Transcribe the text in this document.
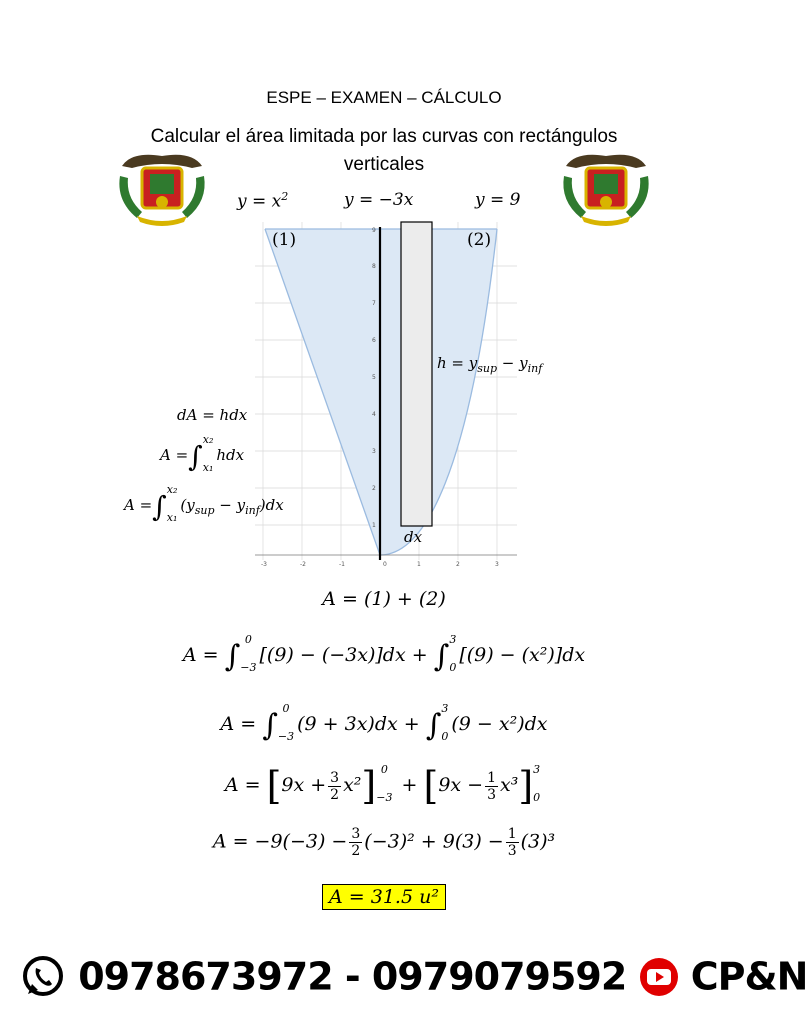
ESPE – EXAMEN – CÁLCULO
Calcular el área limitada por las curvas con rectángulos verticales
$y = x^2$	y = −3x	y = 9
-3	-2	-1	0	1	2	3
1
2
3
4
5
6
7
8
9
(1)	(2)
$h = y_{sup} - y_{inf}$
dx
dA = hdx
A =∫ x₂
x₁
hdx
A =∫ x₂
x₁
$(y_{sup} - y_{inf})dx$
A = (1) + (2)
A = ∫ 0
−3
[(9) − (−3x)]dx + ∫ 3
0
[(9) − (x²)]dx
A = ∫ 0
−3
(9 + 3x)dx + ∫ 3
0
(9 − x²)dx
$A = [9x + \frac{3}{2} x^2]$ 0
−3
+ $[9x - \frac{1}{3} x^3]$ 3
0
$A = -9(-3) - \frac{3}{2} (-3)^2 + 9(3) - \frac{1}{3} (3)^3$
A = 31.5 u²
0978673972 - 0979079592 CP&N
